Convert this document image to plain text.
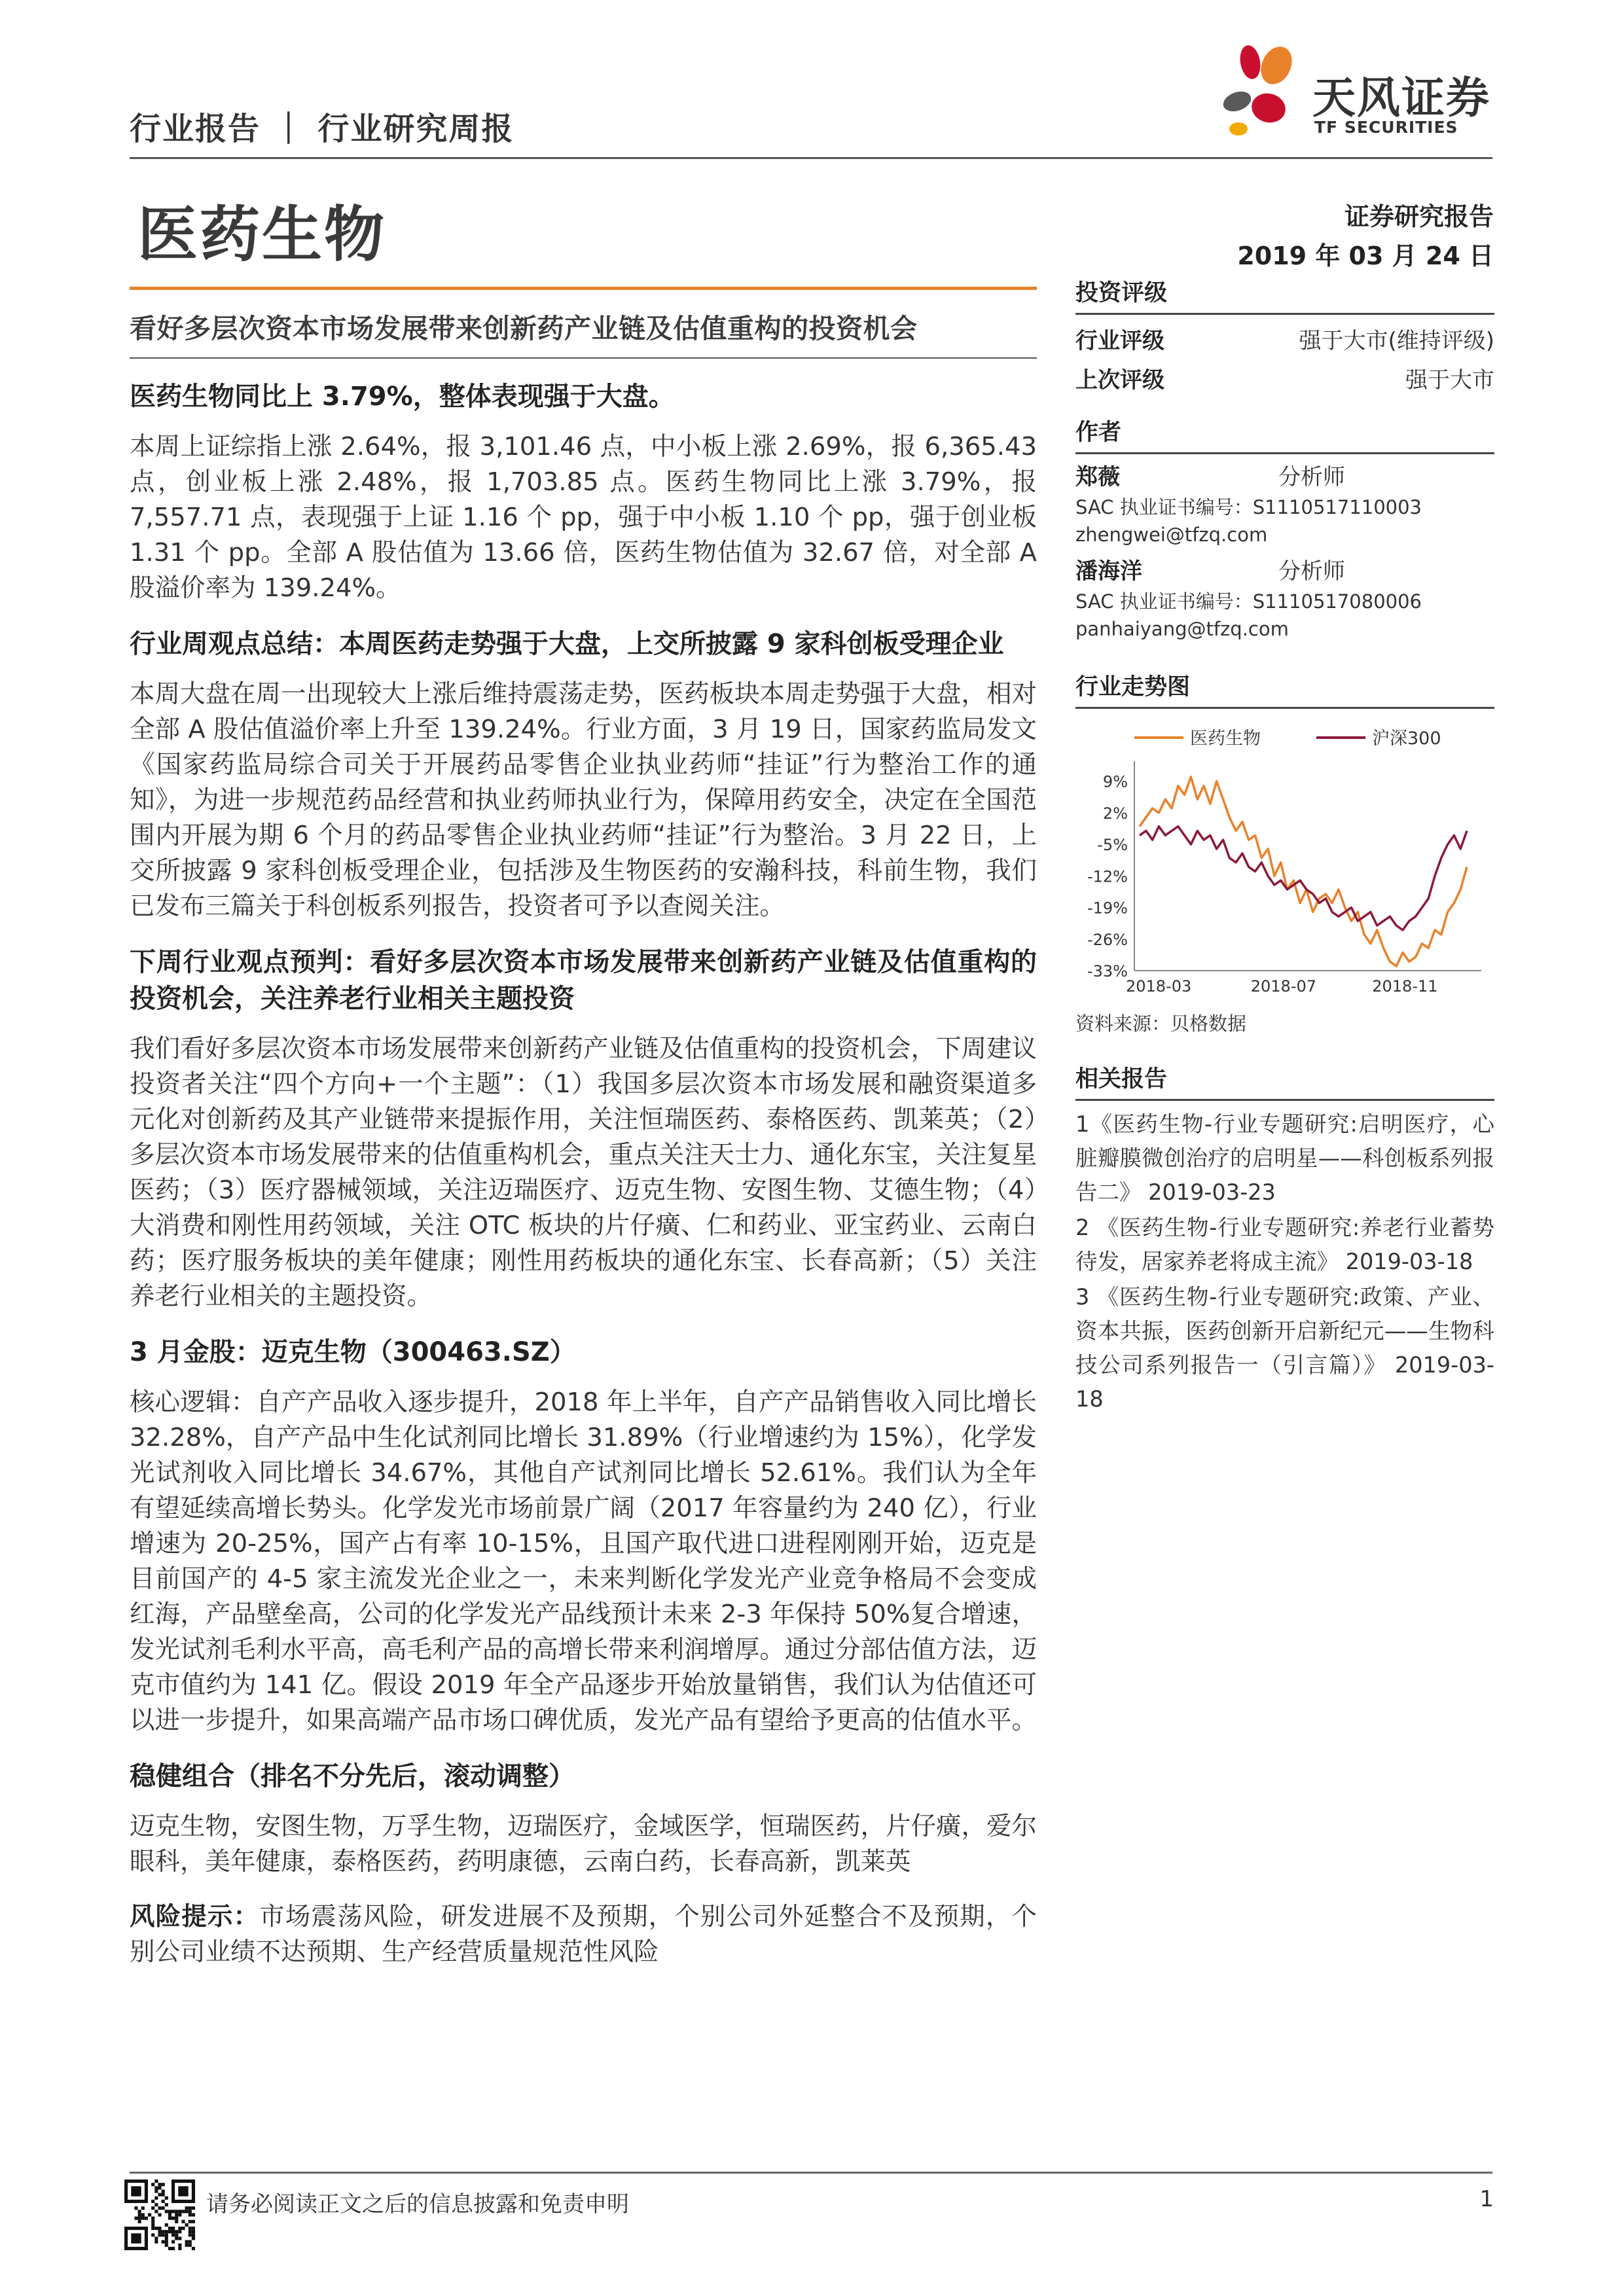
行业报告 ｜ 行业研究周报
医药生物
天风证券
TF SECURITIES
证券研究报告
2019 年 03 月 24 日
看好多层次资本市场发展带来创新药产业链及估值重构的投资机会
医药生物同比上 3.79%，整体表现强于大盘。
本周上证综指上涨 2.64%，报 3,101.46 点，中小板上涨 2.69%，报 6,365.43 点，创业板上涨 2.48%，报 1,703.85 点。医药生物同比上涨 3.79%，报 7,557.71 点，表现强于上证 1.16 个 pp，强于中小板 1.10 个 pp，强于创业板 1.31 个 pp。全部 A 股估值为 13.66 倍，医药生物估值为 32.67 倍，对全部 A 股溢价率为 139.24%。
行业周观点总结：本周医药走势强于大盘，上交所披露 9 家科创板受理企业
本周大盘在周一出现较大上涨后维持震荡走势，医药板块本周走势强于大盘，相对全部 A 股估值溢价率上升至 139.24%。行业方面，3 月 19 日，国家药监局发文《国家药监局综合司关于开展药品零售企业执业药师“挂证”行为整治工作的通知》，为进一步规范药品经营和执业药师执业行为，保障用药安全，决定在全国范围内开展为期 6 个月的药品零售企业执业药师“挂证”行为整治。3 月 22 日，上交所披露 9 家科创板受理企业，包括涉及生物医药的安瀚科技，科前生物，我们已发布三篇关于科创板系列报告，投资者可予以查阅关注。
下周行业观点预判：看好多层次资本市场发展带来创新药产业链及估值重构的投资机会，关注养老行业相关主题投资
我们看好多层次资本市场发展带来创新药产业链及估值重构的投资机会，下周建议投资者关注“四个方向+一个主题”：（1）我国多层次资本市场发展和融资渠道多元化对创新药及其产业链带来提振作用，关注恒瑞医药、泰格医药、凯莱英；（2）多层次资本市场发展带来的估值重构机会，重点关注天士力、通化东宝，关注复星医药；（3）医疗器械领域，关注迈瑞医疗、迈克生物、安图生物、艾德生物；（4）大消费和刚性用药领域，关注 OTC 板块的片仔癀、仁和药业、亚宝药业、云南白药；医疗服务板块的美年健康；刚性用药板块的通化东宝、长春高新；（5）关注养老行业相关的主题投资。
3 月金股：迈克生物（300463.SZ）
核心逻辑：自产产品收入逐步提升，2018 年上半年，自产产品销售收入同比增长 32.28%，自产产品中生化试剂同比增长 31.89%（行业增速约为 15%），化学发光试剂收入同比增长 34.67%，其他自产试剂同比增长 52.61%。我们认为全年有望延续高增长势头。化学发光市场前景广阔（2017 年容量约为 240 亿），行业增速为 20-25%，国产占有率 10-15%，且国产取代进口进程刚刚开始，迈克是目前国产的 4-5 家主流发光企业之一，未来判断化学发光产业竞争格局不会变成红海，产品壁垒高，公司的化学发光产品线预计未来 2-3 年保持 50%复合增速，发光试剂毛利水平高，高毛利产品的高增长带来利润增厚。通过分部估值方法，迈克市值约为 141 亿。假设 2019 年全产品逐步开始放量销售，我们认为估值还可以进一步提升，如果高端产品市场口碑优质，发光产品有望给予更高的估值水平。
稳健组合（排名不分先后，滚动调整）
迈克生物，安图生物，万孚生物，迈瑞医疗，金域医学，恒瑞医药，片仔癀，爱尔眼科，美年健康，泰格医药，药明康德，云南白药，长春高新，凯莱英
风险提示：市场震荡风险，研发进展不及预期，个别公司外延整合不及预期，个别公司业绩不达预期、生产经营质量规范性风险
投资评级
行业评级	强于大市(维持评级)
上次评级	强于大市
作者
郑薇	分析师
SAC 执业证书编号：S1110517110003
zhengwei@tfzq.com
潘海洋	分析师
SAC 执业证书编号：S1110517080006
panhaiyang@tfzq.com
行业走势图
医药生物	沪深300
9%
2%
-5%
-12%
-19%
-26%
-33%
2018-03	2018-07	2018-11
资料来源：贝格数据
相关报告
1《医药生物-行业专题研究:启明医疗，心脏瓣膜微创治疗的启明星——科创板系列报告二》 2019-03-23
2 《医药生物-行业专题研究:养老行业蓄势待发，居家养老将成主流》 2019-03-18
3 《医药生物-行业专题研究:政策、产业、资本共振，医药创新开启新纪元——生物科技公司系列报告一（引言篇）》 2019-03-18
请务必阅读正文之后的信息披露和免责申明	1
